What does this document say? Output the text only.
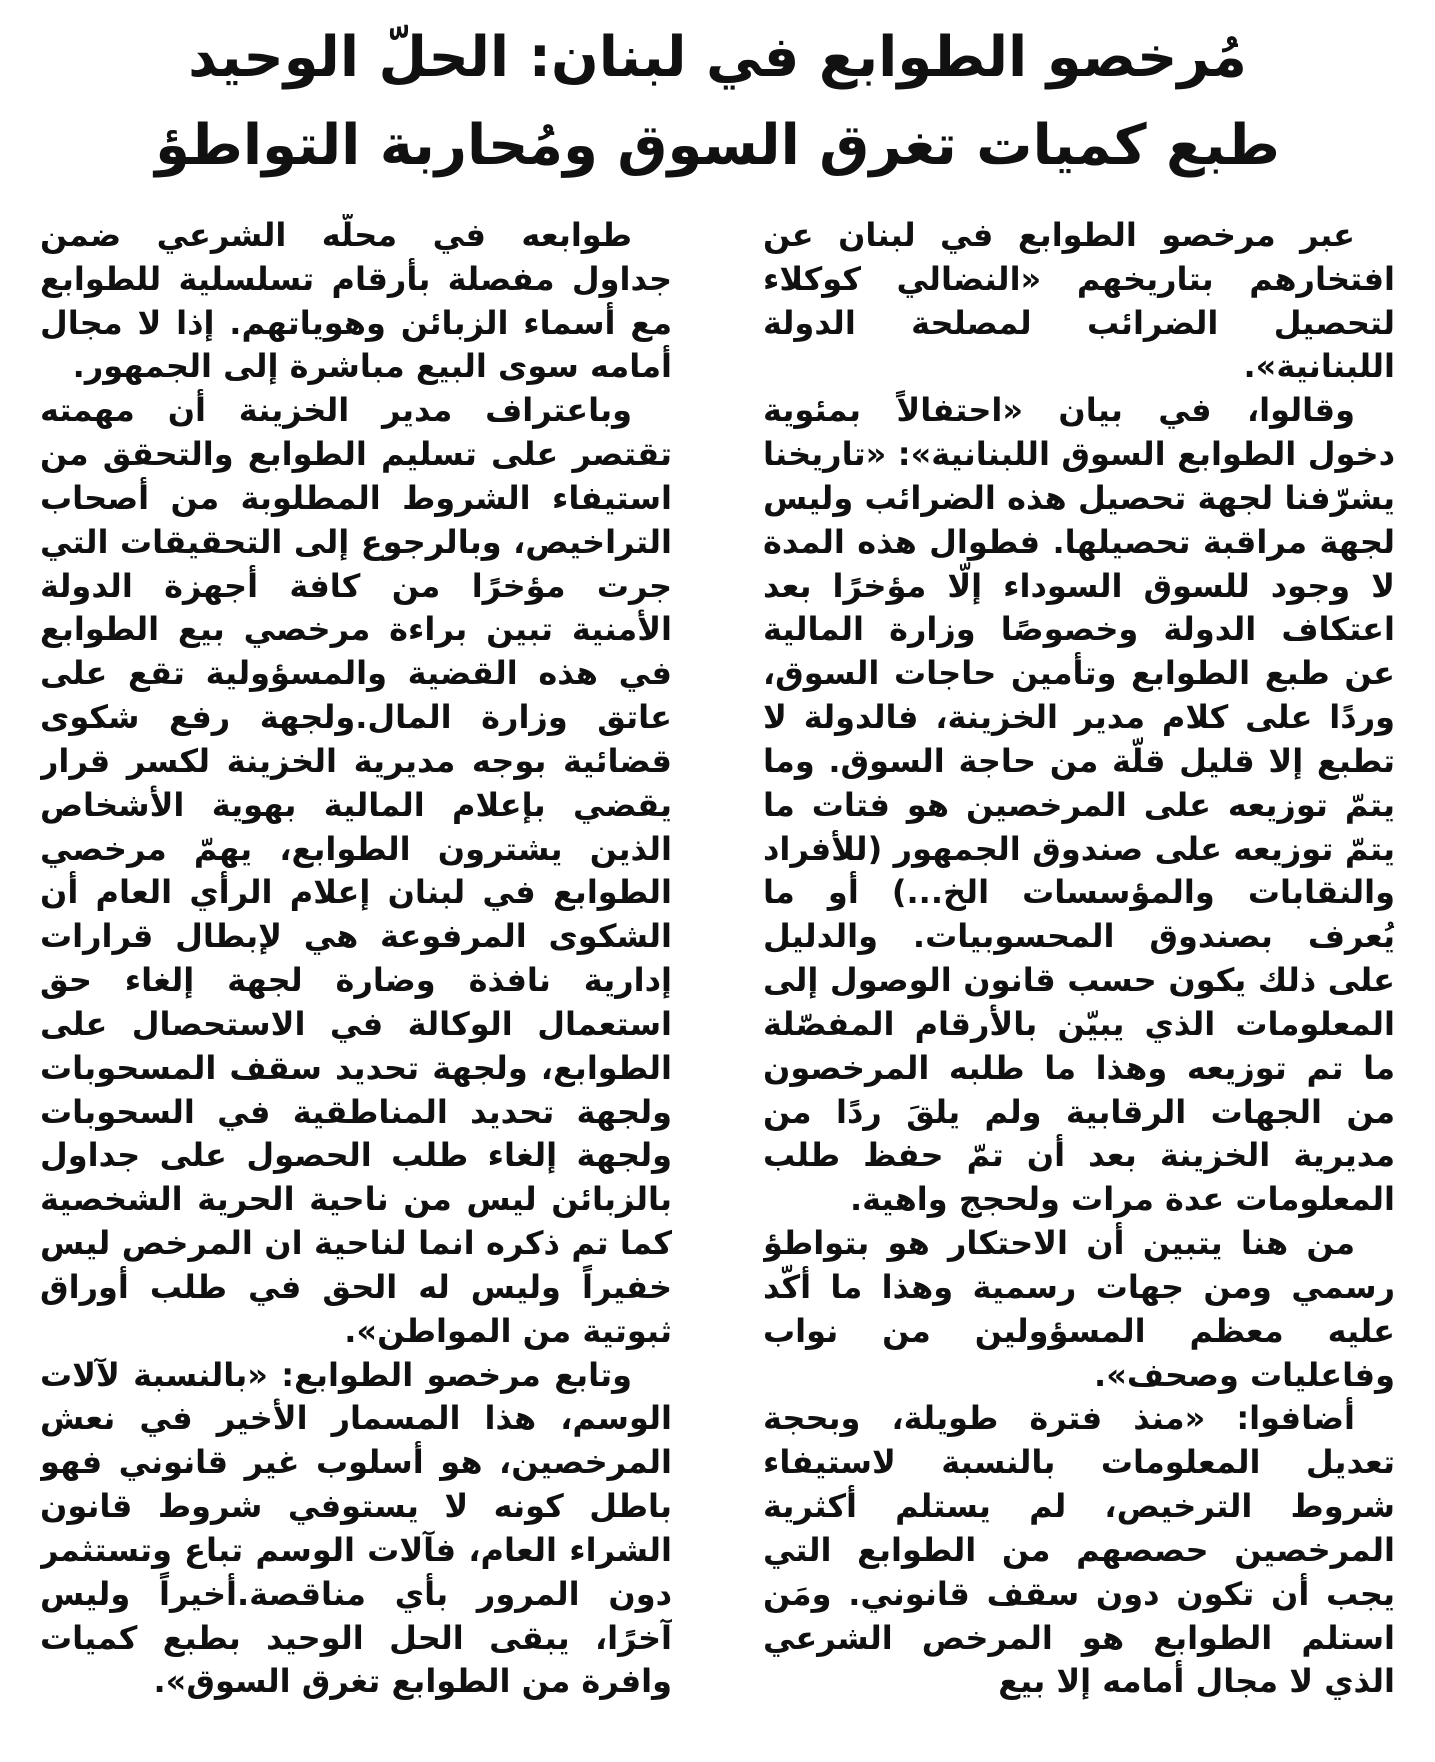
مُرخصو الطوابع في لبنان: الحلّ الوحيد
طبع كميات تغرق السوق ومُحاربة التواطؤ
عبر مرخصو الطوابع في لبنان عن افتخارهم بتاريخهم «النضالي كوكلاء لتحصيل الضرائب لمصلحة الدولة اللبنانية».
وقالوا، في بيان «احتفالاً بمئوية دخول الطوابع السوق اللبنانية»: «تاريخنا يشرّفنا لجهة تحصيل هذه الضرائب وليس لجهة مراقبة تحصيلها. فطوال هذه المدة لا وجود للسوق السوداء إلّا مؤخرًا بعد اعتكاف الدولة وخصوصًا وزارة المالية عن طبع الطوابع وتأمين حاجات السوق، وردًا على كلام مدير الخزينة، فالدولة لا تطبع إلا قليل قلّة من حاجة السوق. وما يتمّ توزيعه على المرخصين هو فتات ما يتمّ توزيعه على صندوق الجمهور (للأفراد والنقابات والمؤسسات الخ...) أو ما يُعرف بصندوق المحسوبيات. والدليل على ذلك يكون حسب قانون الوصول إلى المعلومات الذي يبيّن بالأرقام المفصّلة ما تم توزيعه وهذا ما طلبه المرخصون من الجهات الرقابية ولم يلقَ ردًا من مديرية الخزينة بعد أن تمّ حفظ طلب المعلومات عدة مرات ولحجج واهية.
من هنا يتبين أن الاحتكار هو بتواطؤ رسمي ومن جهات رسمية وهذا ما أكّد عليه معظم المسؤولين من نواب وفاعليات وصحف».
أضافوا: «منذ فترة طويلة، وبحجة تعديل المعلومات بالنسبة لاستيفاء شروط الترخيص، لم يستلم أكثرية المرخصين حصصهم من الطوابع التي يجب أن تكون دون سقف قانوني. ومَن استلم الطوابع هو المرخص الشرعي الذي لا مجال أمامه إلا بيع
طوابعه في محلّه الشرعي ضمن جداول مفصلة بأرقام تسلسلية للطوابع مع أسماء الزبائن وهوياتهم. إذا لا مجال أمامه سوى البيع مباشرة إلى الجمهور.
وباعتراف مدير الخزينة أن مهمته تقتصر على تسليم الطوابع والتحقق من استيفاء الشروط المطلوبة من أصحاب التراخيص، وبالرجوع إلى التحقيقات التي جرت مؤخرًا من كافة أجهزة الدولة الأمنية تبين براءة مرخصي بيع الطوابع في هذه القضية والمسؤولية تقع على عاتق وزارة المال.ولجهة رفع شكوى قضائية بوجه مديرية الخزينة لكسر قرار يقضي بإعلام المالية بهوية الأشخاص الذين يشترون الطوابع، يهمّ مرخصي الطوابع في لبنان إعلام الرأي العام أن الشكوى المرفوعة هي لإبطال قرارات إدارية نافذة وضارة لجهة إلغاء حق استعمال الوكالة في الاستحصال على الطوابع، ولجهة تحديد سقف المسحوبات ولجهة تحديد المناطقية في السحوبات ولجهة إلغاء طلب الحصول على جداول بالزبائن ليس من ناحية الحرية الشخصية كما تم ذكره انما لناحية ان المرخص ليس خفيراً وليس له الحق في طلب أوراق ثبوتية من المواطن».
وتابع مرخصو الطوابع: «بالنسبة لآلات الوسم، هذا المسمار الأخير في نعش المرخصين، هو أسلوب غير قانوني فهو باطل كونه لا يستوفي شروط قانون الشراء العام، فآلات الوسم تباع وتستثمر دون المرور بأي مناقصة.أخيراً وليس آخرًا، يبقى الحل الوحيد بطبع كميات وافرة من الطوابع تغرق السوق».
